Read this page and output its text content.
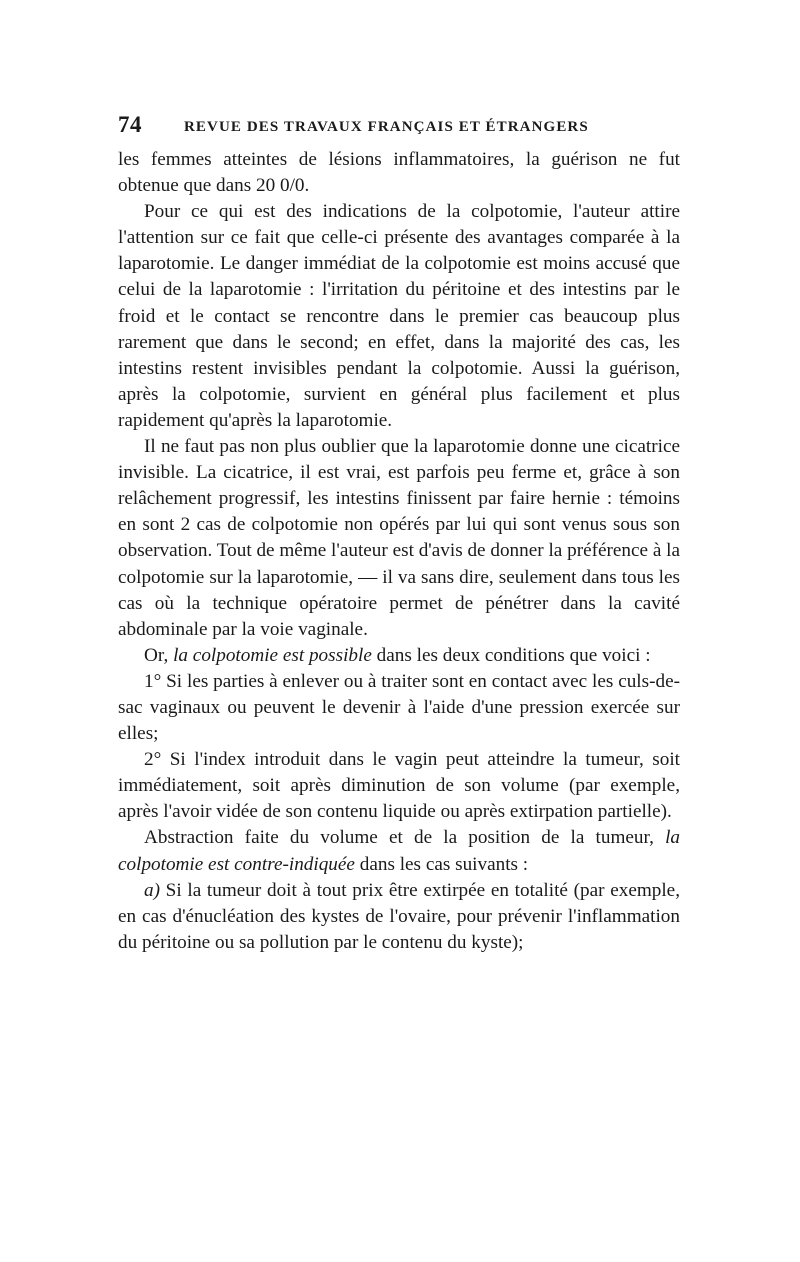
74	REVUE DES TRAVAUX FRANÇAIS ET ÉTRANGERS

les femmes atteintes de lésions inflammatoires, la guérison ne fut obtenue que dans 20 0/0.

Pour ce qui est des indications de la colpotomie, l'auteur attire l'attention sur ce fait que celle-ci présente des avantages comparée à la laparotomie. Le danger immédiat de la colpotomie est moins accusé que celui de la laparotomie : l'irritation du péritoine et des intestins par le froid et le contact se rencontre dans le premier cas beaucoup plus rarement que dans le second; en effet, dans la majorité des cas, les intestins restent invisibles pendant la colpotomie. Aussi la guérison, après la colpotomie, survient en général plus facilement et plus rapidement qu'après la laparotomie.

Il ne faut pas non plus oublier que la laparotomie donne une cicatrice invisible. La cicatrice, il est vrai, est parfois peu ferme et, grâce à son relâchement progressif, les intestins finissent par faire hernie : témoins en sont 2 cas de colpotomie non opérés par lui qui sont venus sous son observation. Tout de même l'auteur est d'avis de donner la préférence à la colpotomie sur la laparotomie, — il va sans dire, seulement dans tous les cas où la technique opératoire permet de pénétrer dans la cavité abdominale par la voie vaginale.

Or, la colpotomie est possible dans les deux conditions que voici :

1° Si les parties à enlever ou à traiter sont en contact avec les culs-de-sac vaginaux ou peuvent le devenir à l'aide d'une pression exercée sur elles;

2° Si l'index introduit dans le vagin peut atteindre la tumeur, soit immédiatement, soit après diminution de son volume (par exemple, après l'avoir vidée de son contenu liquide ou après extirpation partielle).

Abstraction faite du volume et de la position de la tumeur, la colpotomie est contre-indiquée dans les cas suivants :

a) Si la tumeur doit à tout prix être extirpée en totalité (par exemple, en cas d'énucléation des kystes de l'ovaire, pour prévenir l'inflammation du péritoine ou sa pollution par le contenu du kyste);
